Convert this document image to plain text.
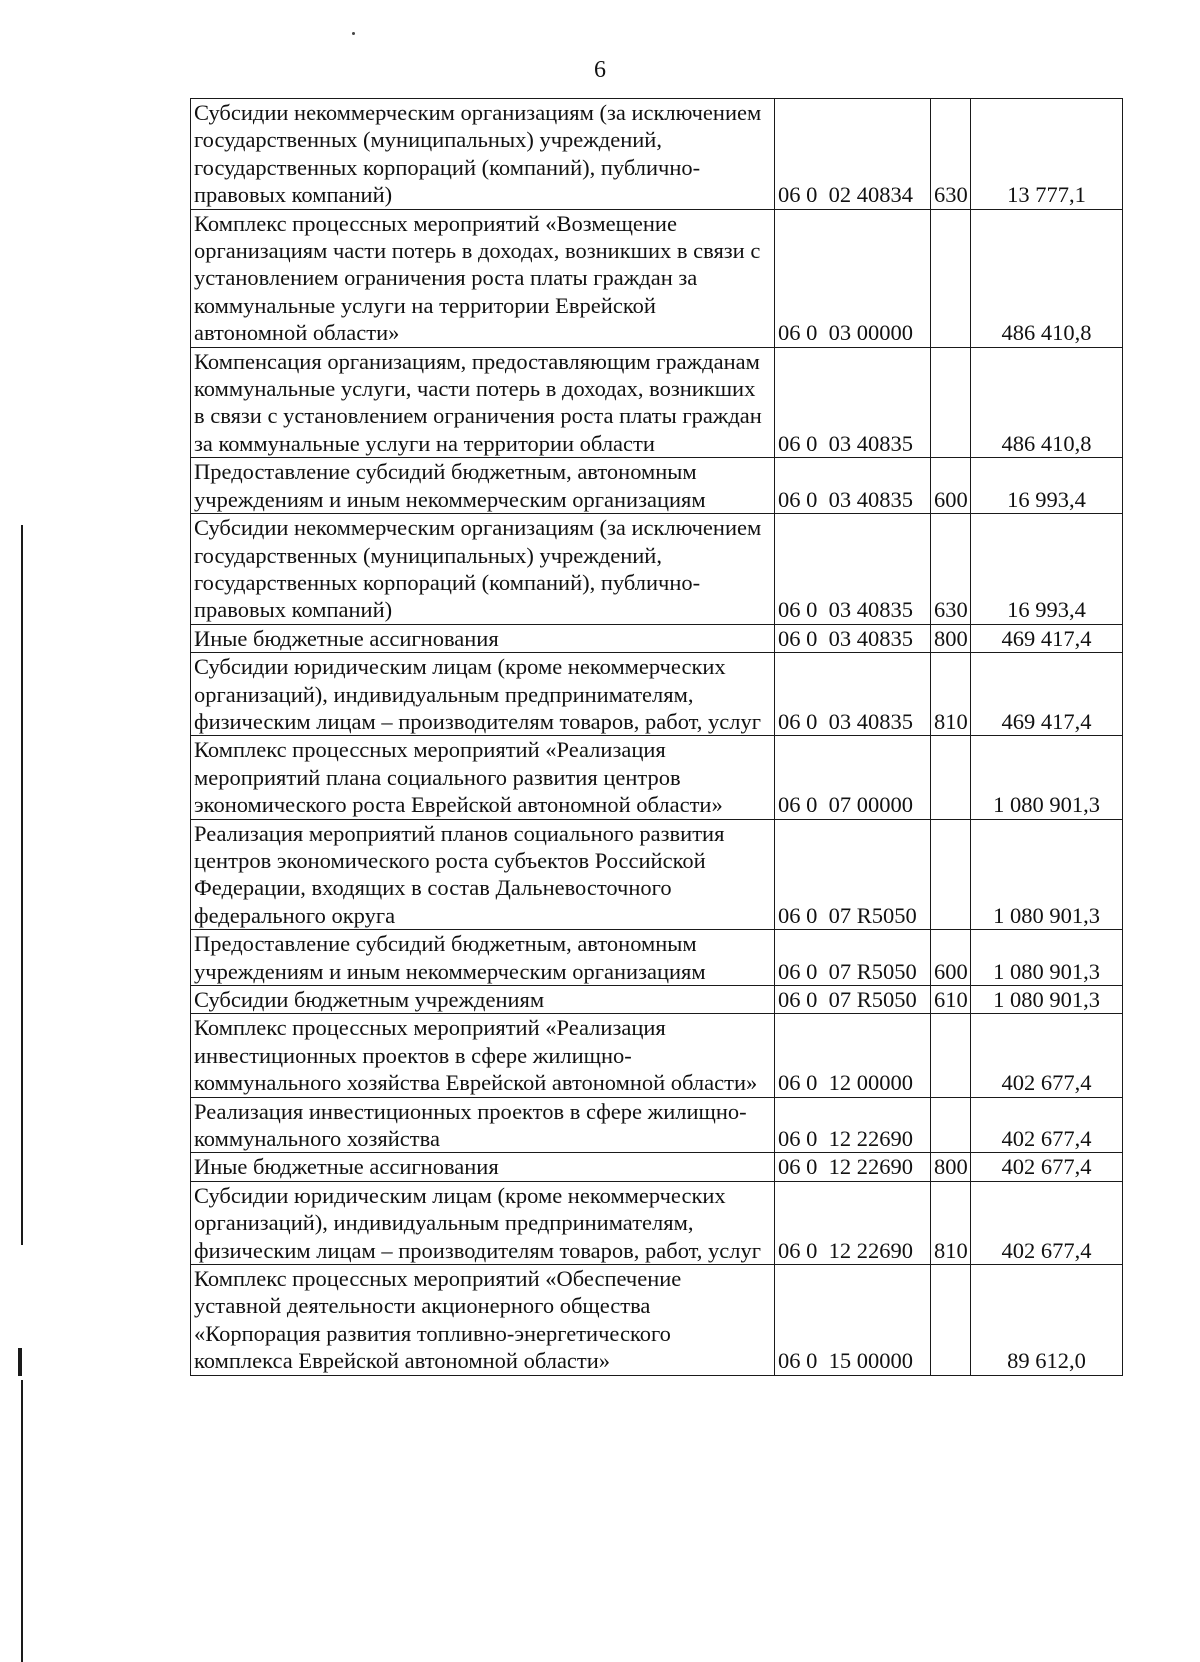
6
Субсидии некоммерческим организациям (за исключением государственных (муниципальных) учреждений, государственных корпораций (компаний), публично-правовых компаний)	06 0  02 40834	630	13 777,1
Комплекс процессных мероприятий «Возмещение организациям части потерь в доходах, возникших в связи с установлением ограничения роста платы граждан за коммунальные услуги на территории Еврейской автономной области»	06 0  03 00000		486 410,8
Компенсация организациям, предоставляющим гражданам коммунальные услуги, части потерь в доходах, возникших в связи с установлением ограничения роста платы граждан за коммунальные услуги на территории области	06 0  03 40835		486 410,8
Предоставление субсидий бюджетным, автономным учреждениям и иным некоммерческим организациям	06 0  03 40835	600	16 993,4
Субсидии некоммерческим организациям (за исключением государственных (муниципальных) учреждений, государственных корпораций (компаний), публично-правовых компаний)	06 0  03 40835	630	16 993,4
Иные бюджетные ассигнования	06 0  03 40835	800	469 417,4
Субсидии юридическим лицам (кроме некоммерческих организаций), индивидуальным предпринимателям, физическим лицам – производителям товаров, работ, услуг	06 0  03 40835	810	469 417,4
Комплекс процессных мероприятий «Реализация мероприятий плана социального развития центров экономического роста Еврейской автономной области»	06 0  07 00000		1 080 901,3
Реализация мероприятий планов социального развития центров экономического роста субъектов Российской Федерации, входящих в состав Дальневосточного федерального округа	06 0  07 R5050		1 080 901,3
Предоставление субсидий бюджетным, автономным учреждениям и иным некоммерческим организациям	06 0  07 R5050	600	1 080 901,3
Субсидии бюджетным учреждениям	06 0  07 R5050	610	1 080 901,3
Комплекс процессных мероприятий «Реализация инвестиционных проектов в сфере жилищно-коммунального хозяйства Еврейской автономной области»	06 0  12 00000		402 677,4
Реализация инвестиционных проектов в сфере жилищно-коммунального хозяйства	06 0  12 22690		402 677,4
Иные бюджетные ассигнования	06 0  12 22690	800	402 677,4
Субсидии юридическим лицам (кроме некоммерческих организаций), индивидуальным предпринимателям, физическим лицам – производителям товаров, работ, услуг	06 0  12 22690	810	402 677,4
Комплекс процессных мероприятий «Обеспечение уставной деятельности акционерного общества «Корпорация развития топливно-энергетического комплекса Еврейской автономной области»	06 0  15 00000		89 612,0
